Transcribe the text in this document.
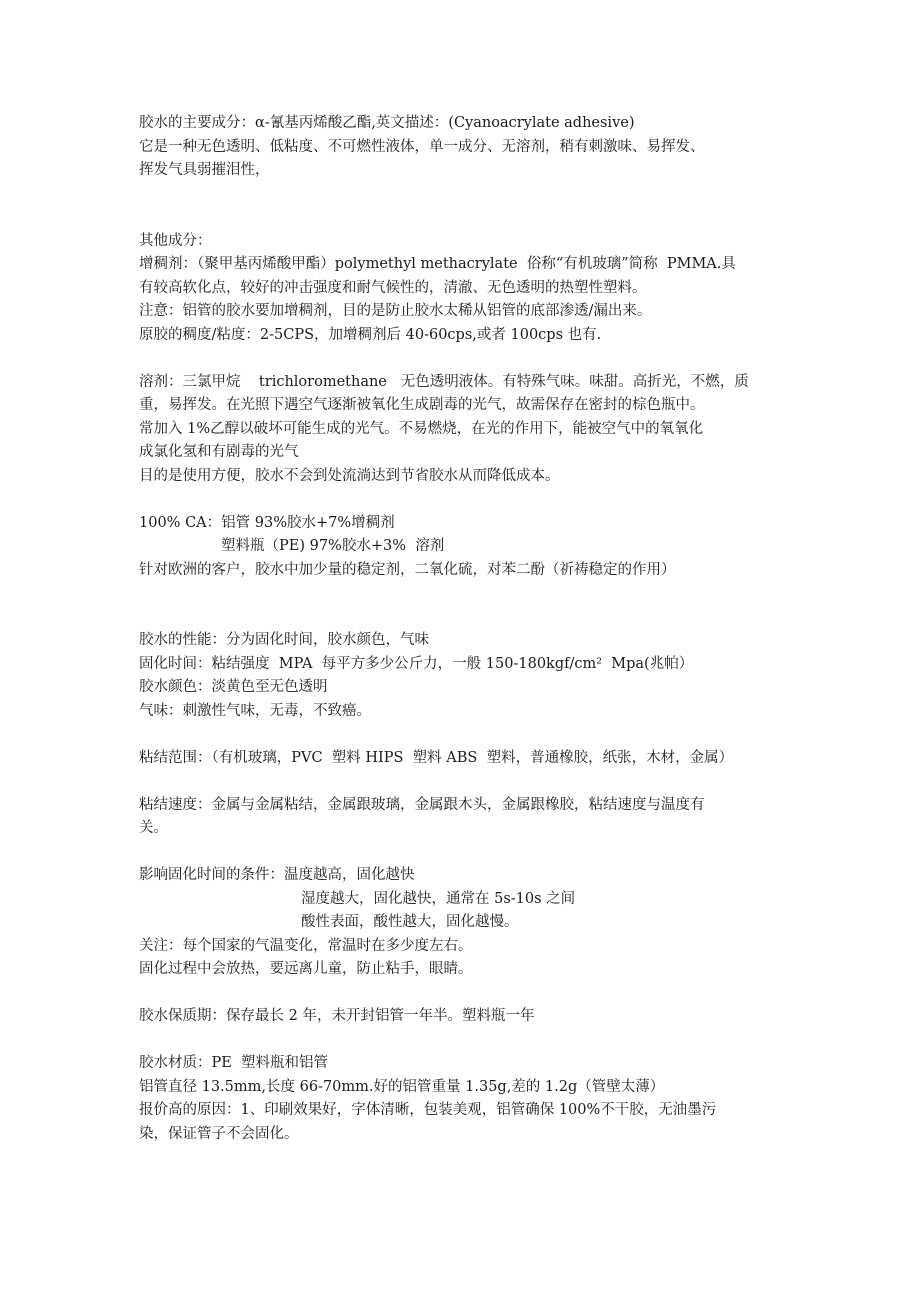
胶水的主要成分：α-氰基丙烯酸乙酯,英文描述：(Cyanoacrylate adhesive)

它是一种无色透明、低粘度、不可燃性液体，单一成分、无溶剂，稍有刺激味、易挥发、

挥发气具弱摧泪性，

其他成分：

增稠剂：（聚甲基丙烯酸甲酯）polymethyl methacrylate  俗称“有机玻璃”简称  PMMA.具

有较高软化点，较好的冲击强度和耐气候性的，清澈、无色透明的热塑性塑料。

注意：铝管的胶水要加增稠剂，目的是防止胶水太稀从铝管的底部渗透/漏出来。

原胶的稠度/粘度：2-5CPS，加增稠剂后 40-60cps,或者 100cps 也有.

溶剂：三氯甲烷    trichloromethane   无色透明液体。有特殊气味。味甜。高折光，不燃，质

重，易挥发。在光照下遇空气逐渐被氧化生成剧毒的光气，故需保存在密封的棕色瓶中。

常加入 1%乙醇以破坏可能生成的光气。不易燃烧，在光的作用下，能被空气中的氧氧化

成氯化氢和有剧毒的光气

目的是使用方便，胶水不会到处流淌达到节省胶水从而降低成本。

100% CA：铝管 93%胶水+7%增稠剂

塑料瓶（PE) 97%胶水+3%  溶剂

针对欧洲的客户，胶水中加少量的稳定剂，二氧化硫，对苯二酚（祈祷稳定的作用）

胶水的性能：分为固化时间，胶水颜色，气味

固化时间：粘结强度  MPA  每平方多少公斤力，一般 150-180kgf/cm²  Mpa(兆帕）

胶水颜色：淡黄色至无色透明

气味：刺激性气味，无毒，不致癌。

粘结范围：（有机玻璃，PVC  塑料 HIPS  塑料 ABS  塑料，普通橡胶，纸张，木材，金属）

粘结速度：金属与金属粘结，金属跟玻璃，金属跟木头，金属跟橡胶，粘结速度与温度有

关。

影响固化时间的条件：温度越高，固化越快

湿度越大，固化越快，通常在 5s-10s 之间

酸性表面，酸性越大，固化越慢。

关注：每个国家的气温变化，常温时在多少度左右。

固化过程中会放热，要远离儿童，防止粘手，眼睛。

胶水保质期：保存最长 2 年，未开封铝管一年半。塑料瓶一年

胶水材质：PE  塑料瓶和铝管

铝管直径 13.5mm,长度 66-70mm.好的铝管重量 1.35g,差的 1.2g（管壁太薄）

报价高的原因：1、印刷效果好，字体清晰，包装美观，铝管确保 100%不干胶，无油墨污

染，保证管子不会固化。
